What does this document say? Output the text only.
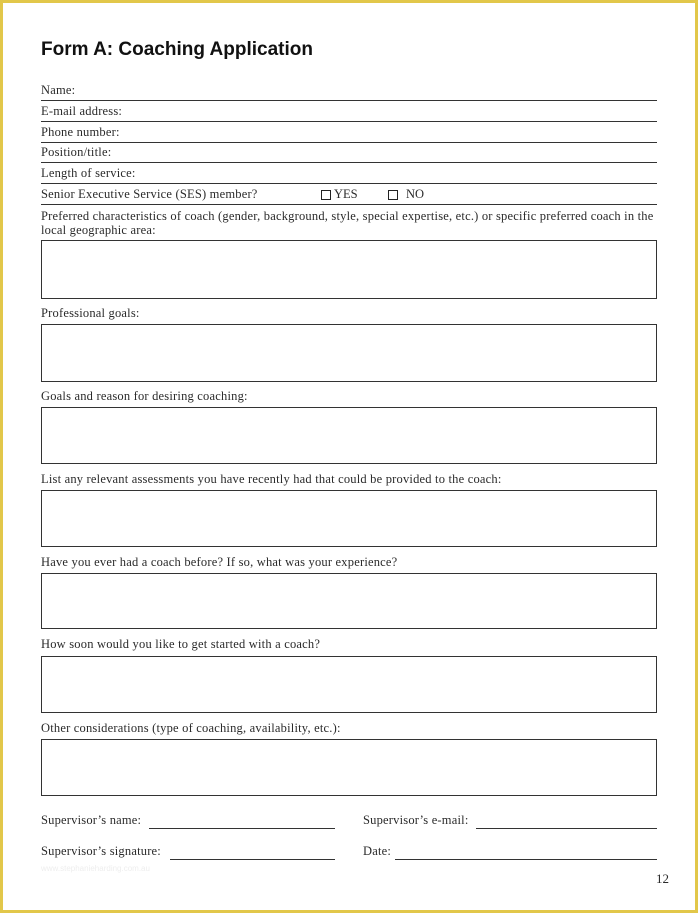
Form A: Coaching Application
Name:
E-mail address:
Phone number:
Position/title:
Length of service:
Senior Executive Service (SES) member?	YES	NO
Preferred characteristics of coach (gender, background, style, special expertise, etc.) or specific preferred coach in the local geographic area:
Professional goals:
Goals and reason for desiring coaching:
List any relevant assessments you have recently had that could be provided to the coach:
Have you ever had a coach before? If so, what was your experience?
How soon would you like to get started with a coach?
Other considerations (type of coaching, availability, etc.):
Supervisor’s name:	Supervisor’s e-mail:
Supervisor’s signature:	Date:
www.stephanieharding.com.au
12
